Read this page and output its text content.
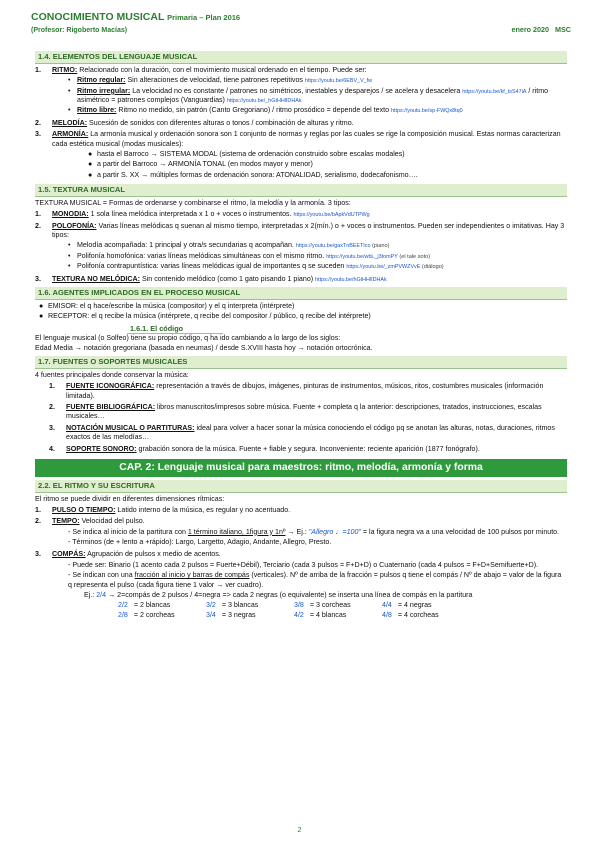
CONOCIMIENTO MUSICAL Primaria – Plan 2016
(Profesor: Rigoberto Macías)	enero 2020 MSC
1.4. ELEMENTOS DEL LENGUAJE MUSICAL
1.	RITMO: Relacionado con la duración, con el movimiento musical ordenado en el tiempo. Puede ser:
• Ritmo regular: Sin alteraciones de velocidad, tiene patrones repetitivos https://youtu.be/6EBV_V_fw
• Ritmo irregular: La velocidad no es constante / patrones no simétricos, inestables y desparejos / se acelera y desacelera https://youtu.be/kf_tsS47iA / ritmo asimétrico = patrones complejos (Vanguardias) https://youtu.be/_hGtHHlIDHAk
• Ritmo libre: Ritmo no medido, sin patrón (Canto Gregoriano) / ritmo prosódico = depende del texto https://youtu.be/sp-FWQx8tq0
2.	MELODÍA: Sucesión de sonidos con diferentes alturas o tonos / combinación de alturas y ritmo.
3.	ARMONÍA: La armonía musical y ordenación sonora son 1 conjunto de normas y reglas por las cuales se rige la composición musical. Estas normas caracterizan cada estética musical (modas musicales):
● hasta el Barroco → SISTEMA MODAL (sistema de ordenación construido sobre escalas modales)
● a partir del Barroco → ARMONÍA TONAL (en modos mayor y menor)
● a partir S. XX → múltiples formas de ordenación sonora: ATONALIDAD, serialismo, dodecafonismo….
1.5. TEXTURA MUSICAL
TEXTURA MUSICAL = Formas de ordenarse y combinarse el ritmo, la melodía y la armonía. 3 tipos:
1.	MONODIA: 1 sola línea melódica interpretada x 1 o + voces o instrumentos. https://youtu.be/bApkVdUTPWg
2.	POLOFONÍA: Varias líneas melódicas q suenan al mismo tiempo, interpretadas x 2(mín.) o + voces o instrumentos. Pueden ser independientes o imitativas. Hay 3 tipos:
• Melodía acompañada: 1 principal y otra/s secundarias q acompañan. https://youtu.be/gaxTnBEETIco (piano)
• Polifonía homofónica: varias líneas melódicas simultáneas con el mismo ritmo. https://youtu.be/wbL_j3tomPY (el tale soto)
• Polifonía contrapuntística: varias líneas melódicas igual de importantes q se suceden https://youtu.be/_zmPVWZVvE (diálogo)
3.	TEXTURA NO MELÓDICA: Sin contenido melódico (como 1 gato pisando 1 piano) https://youtu.be/hGtHHlIDHAk
1.6. AGENTES IMPLICADOS EN EL PROCESO MUSICAL
● EMISOR: el q hace/escribe la música (compositor) y el q interpreta (intérprete)
● RECEPTOR: el q recibe la música (intérprete, q recibe del compositor / público, q recibe del intérprete)
1.6.1. El código
El lenguaje musical (o Solfeo) tiene su propio código, q ha ido cambiando a lo largo de los siglos:
Edad Media → notación gregoriana (basada en neumas) / desde S.XVIII hasta hoy → notación ortocrónica.
1.7. FUENTES O SOPORTES MUSICALES
4 fuentes principales donde conservar la música:
1.	FUENTE ICONOGRÁFICA: representación a través de dibujos, imágenes, pinturas de instrumentos, músicos, ritos, costumbres musicales (información limitada).
2.	FUENTE BIBLIOGRÁFICA: libros manuscritos/impresos sobre música. Fuente + completa q la anterior: descripciones, tratados, instrucciones, escalas musicales…
3.	NOTACIÓN MUSICAL O PARTITURAS: ideal para volver a hacer sonar la música conociendo el código pq se anotan las alturas, notas, duraciones, ritmos exactos de las melodías…
4.	SOPORTE SONORO: grabación sonora de la música. Fuente + fiable y segura. Inconveniente: reciente aparición (1877 fonógrafo).
CAP. 2: Lenguaje musical para maestros: ritmo, melodía, armonía y forma
2.2. EL RITMO Y SU ESCRITURA
El ritmo se puede dividir en diferentes dimensiones rítmicas:
1.	PULSO O TIEMPO: Latido interno de la música, es regular y no acentuado.
2.	TEMPO: Velocidad del pulso.
- Se indica al inicio de la partitura con 1 término italiano, 1figura y 1nº → Ej.: "Allegro ♩=100" = la figura negra va a una velocidad de 100 pulsos por minuto.
- Términos (de + lento a +rápido): Largo, Largetto, Adagio, Andante, Allegro, Presto.
3.	COMPÁS: Agrupación de pulsos x medio de acentos.
- Puede ser: Binario (1 acento cada 2 pulsos = Fuerte+Débil), Terciario (cada 3 pulsos = F+D+D) o Cuaternario (cada 4 pulsos = F+D+Semifuerte+D).
- Se indican con una fracción al inicio y barras de compás (verticales). Nº de arriba de la fracción = pulsos q tiene el compás / Nº de abajo = valor de la figura q representa el pulso (cada figura tiene 1 valor → ver cuadro).
Ej.: 2/4 → 2=compás de 2 pulsos / 4=negra => cada 2 negras (o equivalente) se inserta una línea de compás en la partitura
2/2 = 2 blancas	3/2 = 3 blancas	3/8 = 3 corcheas	4/4 = 4 negras
2/8 = 2 corcheas	3/4 = 3 negras	4/2 = 4 blancas	4/8 = 4 corcheas
2
